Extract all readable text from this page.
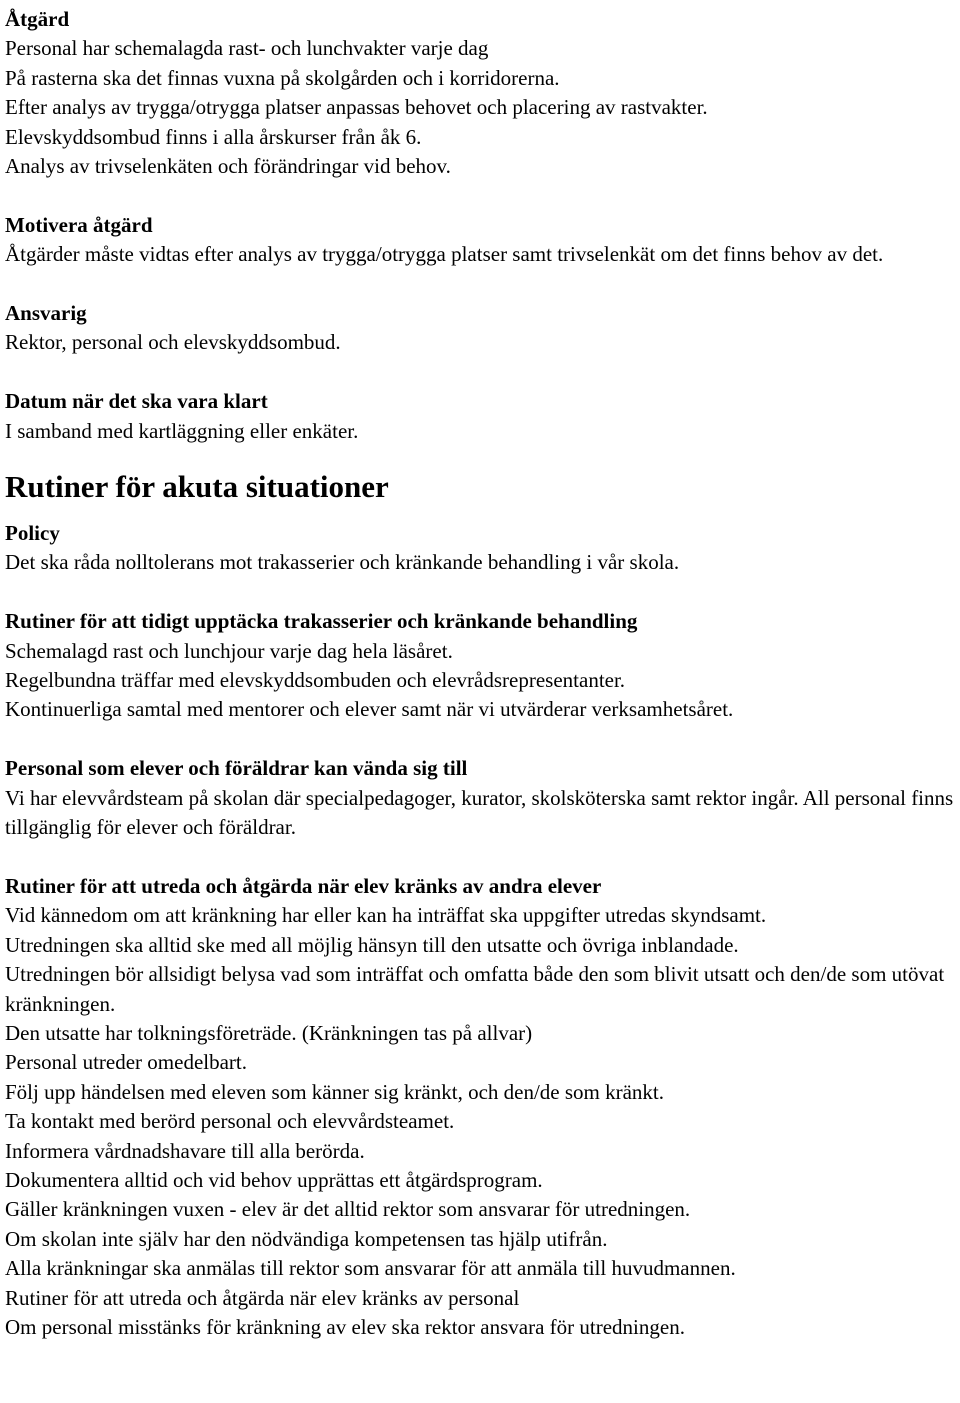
Åtgärd
Personal har schemalagda rast- och lunchvakter varje dag
På rasterna ska det finnas vuxna på skolgården och i korridorerna.
Efter analys av trygga/otrygga platser anpassas behovet och placering av rastvakter.
Elevskyddsombud finns i alla årskurser från åk 6.
Analys av trivselenkäten och förändringar vid behov.
Motivera åtgärd
Åtgärder måste vidtas efter analys av trygga/otrygga platser samt trivselenkät om det finns behov av det.
Ansvarig
Rektor, personal och elevskyddsombud.
Datum när det ska vara klart
I samband med kartläggning eller enkäter.
Rutiner för akuta situationer
Policy
Det ska råda nolltolerans mot trakasserier och kränkande behandling i vår skola.
Rutiner för att tidigt upptäcka trakasserier och kränkande behandling
Schemalagd rast och lunchjour varje dag hela läsåret.
Regelbundna träffar med elevskyddsombuden och elevrådsrepresentanter.
Kontinuerliga samtal med mentorer och elever samt när vi utvärderar verksamhetsåret.
Personal som elever och föräldrar kan vända sig till
Vi har elevvårdsteam på skolan där specialpedagoger, kurator, skolsköterska samt rektor ingår. All personal finns tillgänglig för elever och föräldrar.
Rutiner för att utreda och åtgärda när elev kränks av andra elever
Vid kännedom om att kränkning har eller kan ha inträffat ska uppgifter utredas skyndsamt.
Utredningen ska alltid ske med all möjlig hänsyn till den utsatte och övriga inblandade.
Utredningen bör allsidigt belysa vad som inträffat och omfatta både den som blivit utsatt och den/de som utövat kränkningen.
Den utsatte har tolkningsföreträde. (Kränkningen tas på allvar)
Personal utreder omedelbart.
Följ upp händelsen med eleven som känner sig kränkt, och den/de som kränkt.
Ta kontakt med berörd personal och elevvårdsteamet.
Informera vårdnadshavare till alla berörda.
Dokumentera alltid och vid behov upprättas ett åtgärdsprogram.
Gäller kränkningen vuxen - elev är det alltid rektor som ansvarar för utredningen.
Om skolan inte själv har den nödvändiga kompetensen tas hjälp utifrån.
Alla kränkningar ska anmälas till rektor som ansvarar för att anmäla till huvudmannen.
Rutiner för att utreda och åtgärda när elev kränks av personal
Om personal misstänks för kränkning av elev ska rektor ansvara för utredningen.
